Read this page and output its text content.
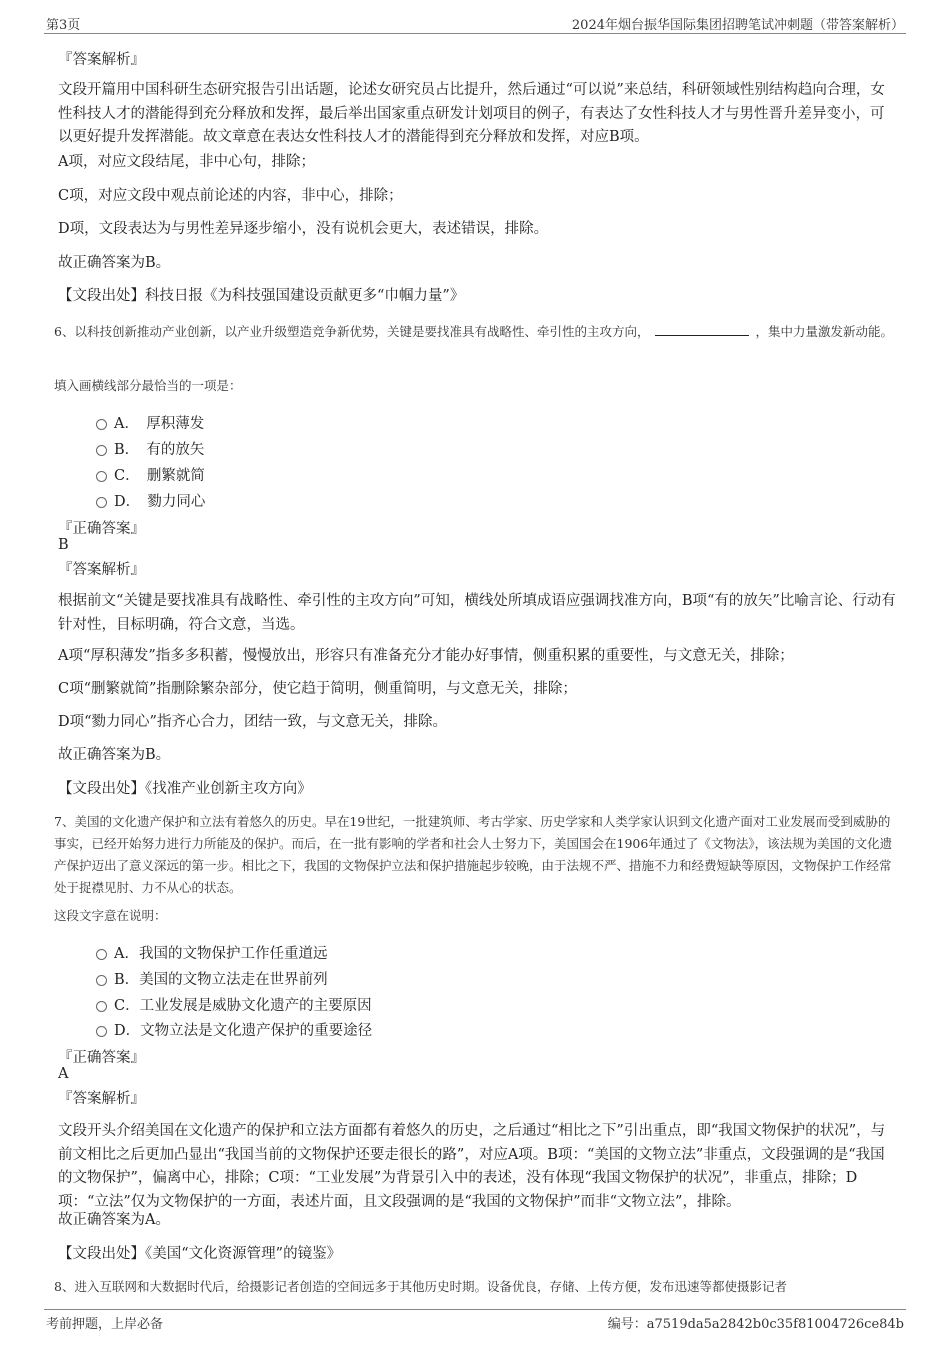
第3页	2024年烟台振华国际集团招聘笔试冲刺题（带答案解析）
『答案解析』
文段开篇用中国科研生态研究报告引出话题，论述女研究员占比提升，然后通过“可以说”来总结，科研领域性别结构趋向合理，女性科技人才的潜能得到充分释放和发挥，最后举出国家重点研发计划项目的例子，有表达了女性科技人才与男性晋升差异变小，可以更好提升发挥潜能。故文章意在表达女性科技人才的潜能得到充分释放和发挥，对应B项。
A项，对应文段结尾，非中心句，排除；
C项，对应文段中观点前论述的内容，非中心，排除；
D项，文段表达为与男性差异逐步缩小，没有说机会更大，表述错误，排除。
故正确答案为B。
【文段出处】科技日报《为科技强国建设贡献更多“巾帼力量”》
6、以科技创新推动产业创新，以产业升级塑造竞争新优势，关键是要找准具有战略性、牵引性的主攻方向，	，集中力量激发新动能。
填入画横线部分最恰当的一项是：
A．　厚积薄发
B．　有的放矢
C．　删繁就简
D．　勠力同心
『正确答案』
B
『答案解析』
根据前文“关键是要找准具有战略性、牵引性的主攻方向”可知，横线处所填成语应强调找准方向，B项“有的放矢”比喻言论、行动有针对性，目标明确，符合文意，当选。
A项“厚积薄发”指多多积蓄，慢慢放出，形容只有准备充分才能办好事情，侧重积累的重要性，与文意无关，排除；
C项“删繁就简”指删除繁杂部分，使它趋于简明，侧重简明，与文意无关，排除；
D项“勠力同心”指齐心合力，团结一致，与文意无关，排除。
故正确答案为B。
【文段出处】《找准产业创新主攻方向》
7、美国的文化遗产保护和立法有着悠久的历史。早在19世纪，一批建筑师、考古学家、历史学家和人类学家认识到文化遗产面对工业发展而受到威胁的事实，已经开始努力进行力所能及的保护。而后，在一批有影响的学者和社会人士努力下，美国国会在1906年通过了《文物法》，该法规为美国的文化遗产保护迈出了意义深远的第一步。相比之下，我国的文物保护立法和保护措施起步较晚，由于法规不严、措施不力和经费短缺等原因，文物保护工作经常处于捉襟见肘、力不从心的状态。
这段文字意在说明：
A．我国的文物保护工作任重道远
B．美国的文物立法走在世界前列
C．工业发展是威胁文化遗产的主要原因
D．文物立法是文化遗产保护的重要途径
『正确答案』
A
『答案解析』
文段开头介绍美国在文化遗产的保护和立法方面都有着悠久的历史，之后通过“相比之下”引出重点，即“我国文物保护的状况”，与前文相比之后更加凸显出“我国当前的文物保护还要走很长的路”，对应A项。B项：“美国的文物立法”非重点，文段强调的是“我国的文物保护”，偏离中心，排除；C项：“工业发展”为背景引入中的表述，没有体现“我国文物保护的状况”，非重点，排除；D项：“立法”仅为文物保护的一方面，表述片面，且文段强调的是“我国的文物保护”而非“文物立法”，排除。
故正确答案为A。
【文段出处】《美国“文化资源管理”的镜鉴》
8、进入互联网和大数据时代后，给摄影记者创造的空间远多于其他历史时期。设备优良，存储、上传方便，发布迅速等都使摄影记者
考前押题，上岸必备	编号：a7519da5a2842b0c35f81004726ce84b
